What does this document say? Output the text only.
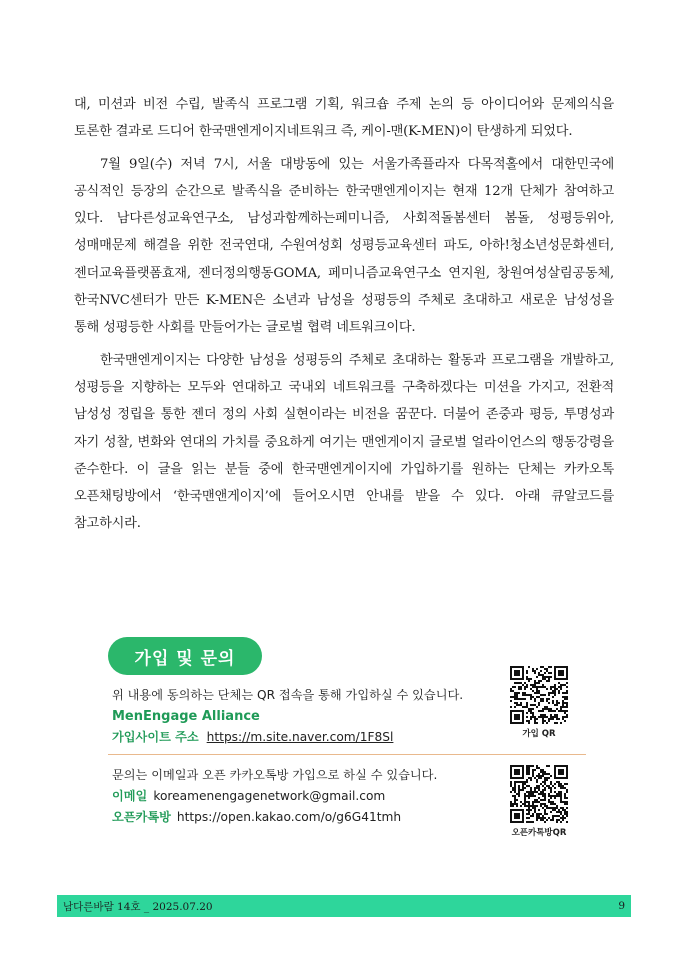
대, 미션과 비전 수립, 발족식 프로그램 기획, 워크숍 주제 논의 등 아이디어와 문제의식을 토론한 결과로 드디어 한국맨엔게이지네트워크 즉, 케이-맨(K-MEN)이 탄생하게 되었다.

7월 9일(수) 저녁 7시, 서울 대방동에 있는 서울가족플라자 다목적홀에서 대한민국에 공식적인 등장의 순간으로 발족식을 준비하는 한국맨엔게이지는 현재 12개 단체가 참여하고 있다. 남다른성교육연구소, 남성과함께하는페미니즘, 사회적돌봄센터 봄돌, 성평등위아, 성매매문제 해결을 위한 전국연대, 수원여성회 성평등교육센터 파도, 아하!청소년성문화센터, 젠더교육플랫폼효재, 젠더정의행동GOMA, 페미니즘교육연구소 연지원, 창원여성살림공동체, 한국NVC센터가 만든 K-MEN은 소년과 남성을 성평등의 주체로 초대하고 새로운 남성성을 통해 성평등한 사회를 만들어가는 글로벌 협력 네트워크이다.

한국맨엔게이지는 다양한 남성을 성평등의 주체로 초대하는 활동과 프로그램을 개발하고, 성평등을 지향하는 모두와 연대하고 국내외 네트워크를 구축하겠다는 미션을 가지고, 전환적 남성성 정립을 통한 젠더 정의 사회 실현이라는 비전을 꿈꾼다. 더불어 존중과 평등, 투명성과 자기 성찰, 변화와 연대의 가치를 중요하게 여기는 맨엔게이지 글로벌 얼라이언스의 행동강령을 준수한다. 이 글을 읽는 분들 중에 한국맨엔게이지에 가입하기를 원하는 단체는 카카오톡 오픈채팅방에서 ‘한국맨앤게이지’에 들어오시면 안내를 받을 수 있다. 아래 큐알코드를 참고하시라.

가입 및 문의
가입 QR
위 내용에 동의하는 단체는 QR 접속을 통해 가입하실 수 있습니다.
MenEngage Alliance
가입사이트 주소 https://m.site.naver.com/1F8Sl
문의는 이메일과 오픈 카카오톡방 가입으로 하실 수 있습니다.
이메일 koreamenengagenetwork@gmail.com
오픈카톡방 https://open.kakao.com/o/g6G41tmh
오픈카톡방QR
남다른바람 14호 _ 2025.07.20	9
